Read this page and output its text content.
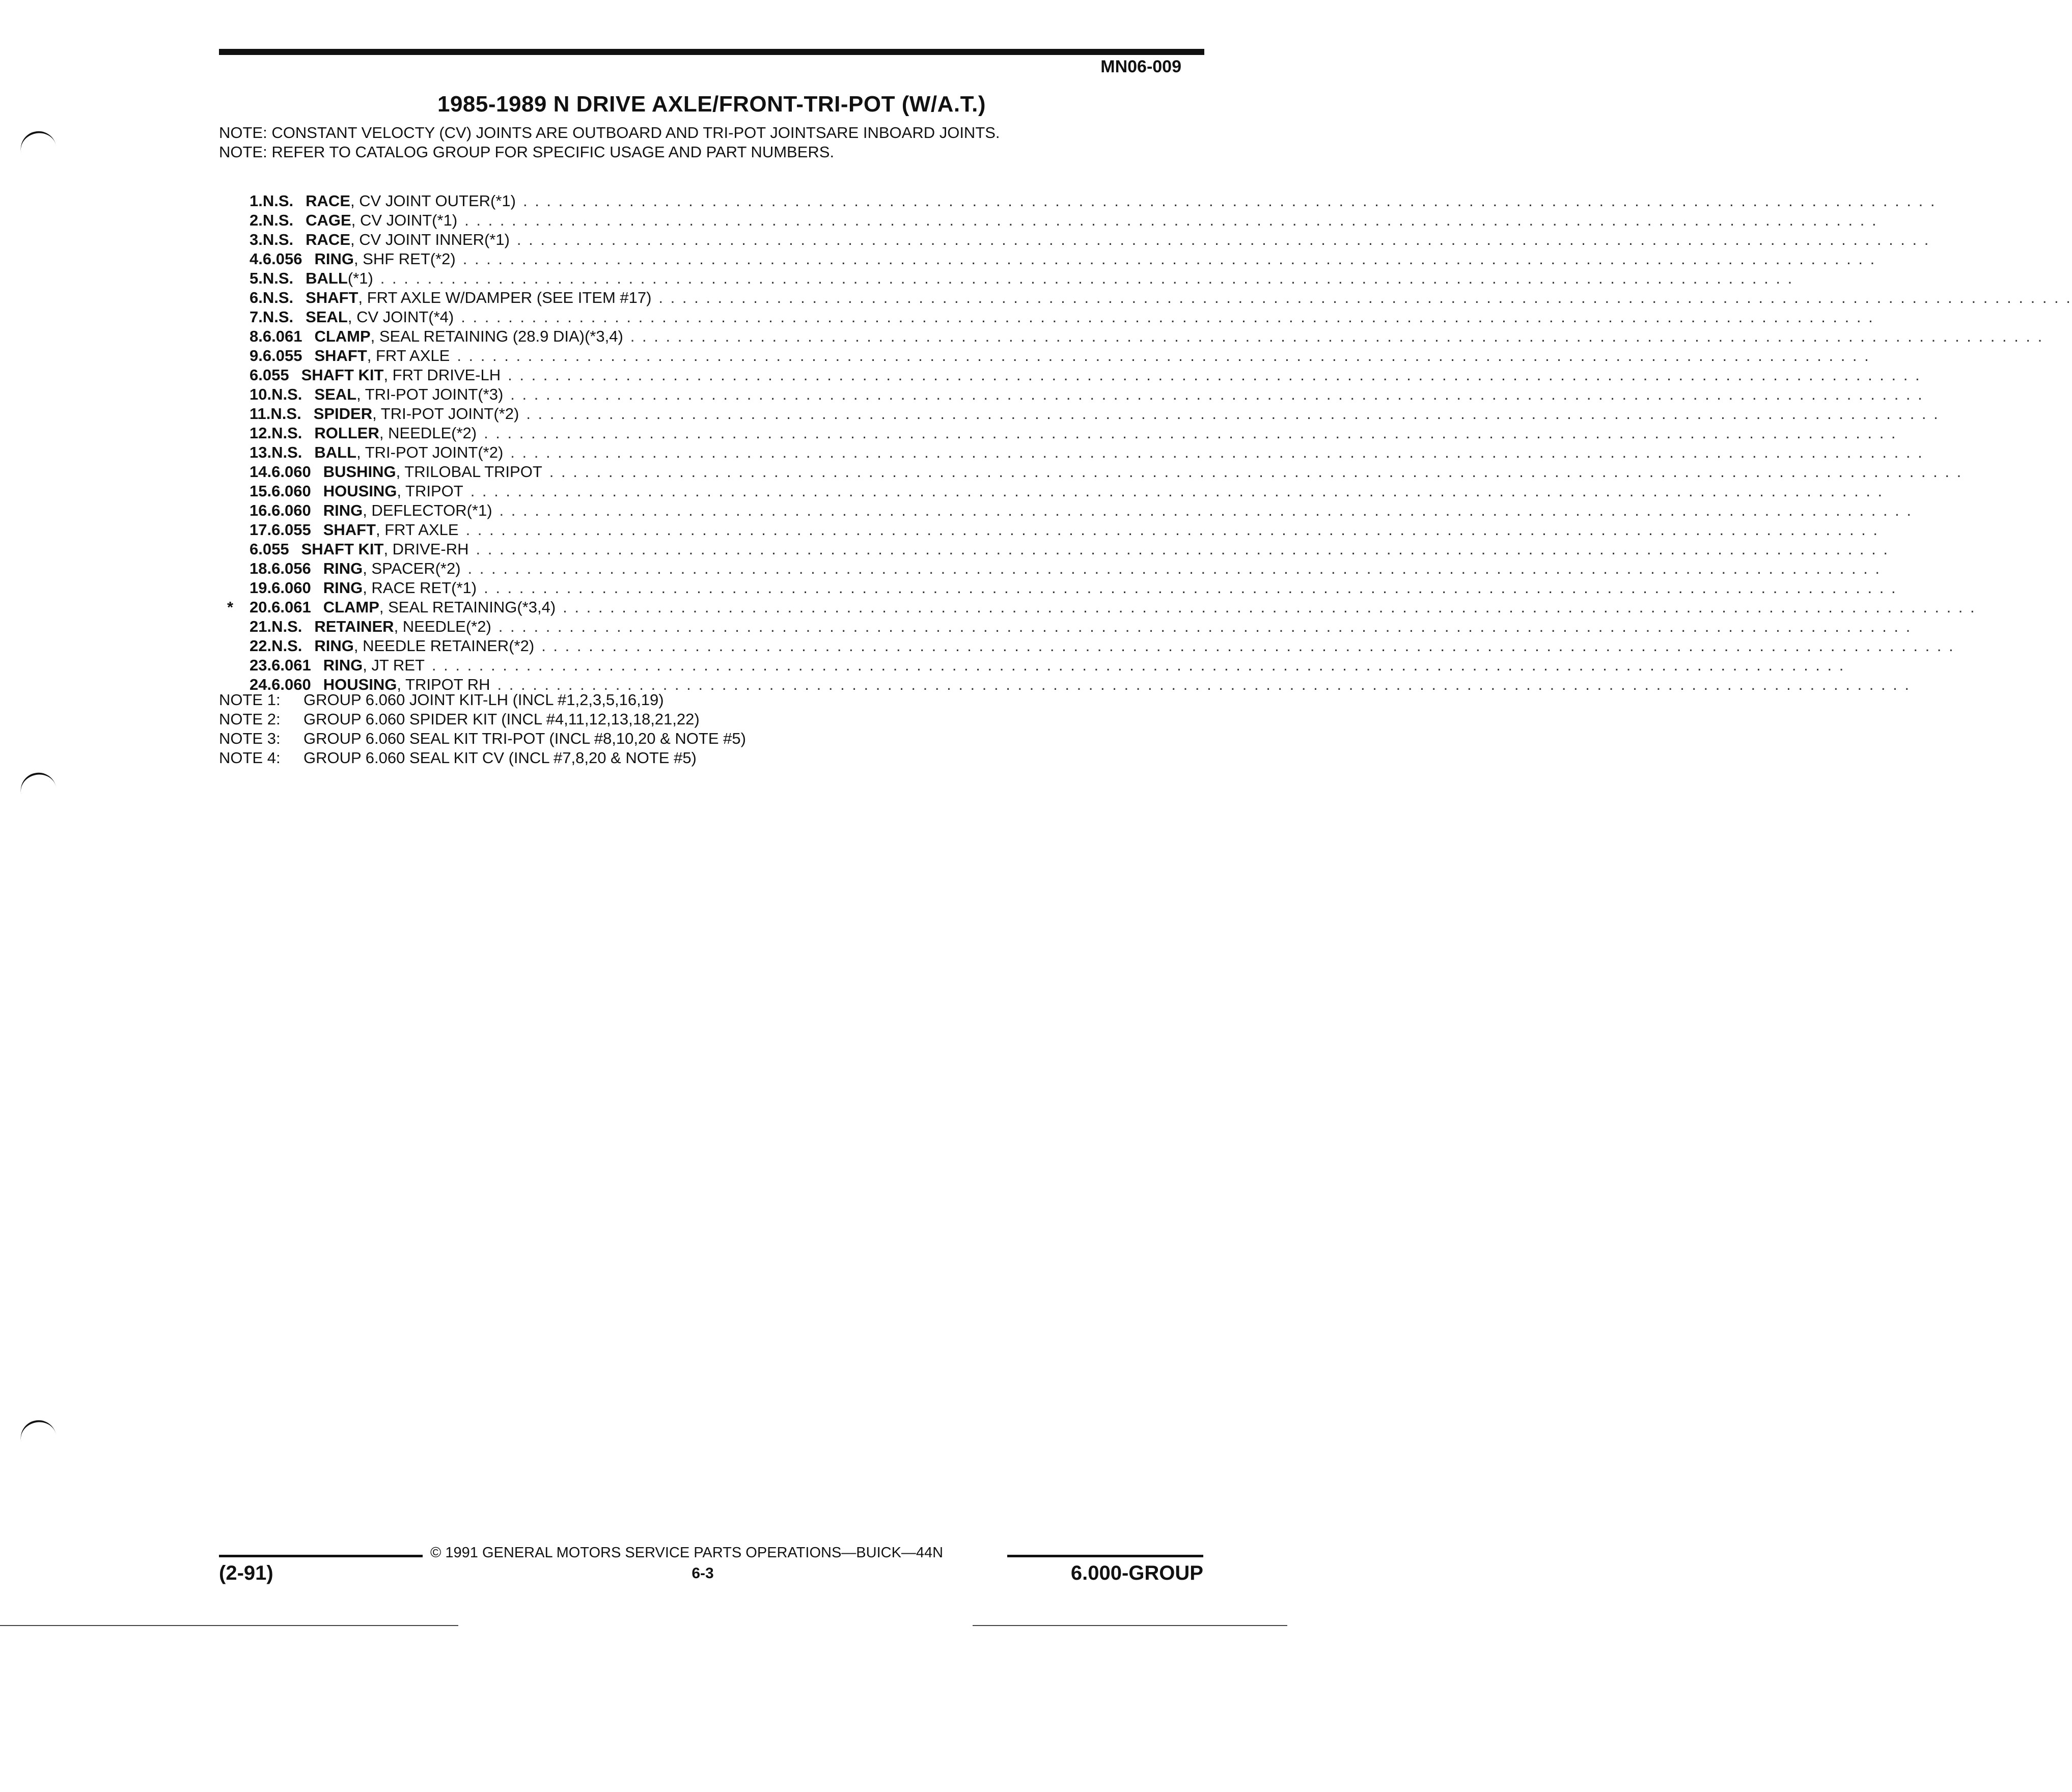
MN06-009
1985-1989 N DRIVE AXLE/FRONT-TRI-POT (W/A.T.)
NOTE: CONSTANT VELOCTY (CV) JOINTS ARE OUTBOARD AND TRI-POT JOINTSARE INBOARD JOINTS.
NOTE: REFER TO CATALOG GROUP FOR SPECIFIC USAGE AND PART NUMBERS.
1. N.S. RACE , CV JOINT OUTER(*1) . . . . . . . . . . . . . . . . . . . . . . . . . . . . . . . . . . . . . . . . . . . . . . . . . . . . . . . . . . . . . . . . . . . . . . . . . . . . . . . . . . . . . . . . . . . . . . . . . . . . . . . . . . . . . . . . . . . . . . . .
2. N.S. CAGE , CV JOINT(*1) . . . . . . . . . . . . . . . . . . . . . . . . . . . . . . . . . . . . . . . . . . . . . . . . . . . . . . . . . . . . . . . . . . . . . . . . . . . . . . . . . . . . . . . . . . . . . . . . . . . . . . . . . . . . . . . . . . . . . . . .
3. N.S. RACE , CV JOINT INNER(*1) . . . . . . . . . . . . . . . . . . . . . . . . . . . . . . . . . . . . . . . . . . . . . . . . . . . . . . . . . . . . . . . . . . . . . . . . . . . . . . . . . . . . . . . . . . . . . . . . . . . . . . . . . . . . . . . . . . . . . . . .
4. 6.056 RING , SHF RET(*2) . . . . . . . . . . . . . . . . . . . . . . . . . . . . . . . . . . . . . . . . . . . . . . . . . . . . . . . . . . . . . . . . . . . . . . . . . . . . . . . . . . . . . . . . . . . . . . . . . . . . . . . . . . . . . . . . . . . . . . . .
5. N.S. BALL (*1) . . . . . . . . . . . . . . . . . . . . . . . . . . . . . . . . . . . . . . . . . . . . . . . . . . . . . . . . . . . . . . . . . . . . . . . . . . . . . . . . . . . . . . . . . . . . . . . . . . . . . . . . . . . . . . . . . . . . . . . .
6. N.S. SHAFT , FRT AXLE W/DAMPER (SEE ITEM #17) . . . . . . . . . . . . . . . . . . . . . . . . . . . . . . . . . . . . . . . . . . . . . . . . . . . . . . . . . . . . . . . . . . . . . . . . . . . . . . . . . . . . . . . . . . . . . . . . . . . . . . . . . . . . . . . . . . . . . . . .
7. N.S. SEAL , CV JOINT(*4) . . . . . . . . . . . . . . . . . . . . . . . . . . . . . . . . . . . . . . . . . . . . . . . . . . . . . . . . . . . . . . . . . . . . . . . . . . . . . . . . . . . . . . . . . . . . . . . . . . . . . . . . . . . . . . . . . . . . . . . .
8. 6.061 CLAMP , SEAL RETAINING (28.9 DIA)(*3,4) . . . . . . . . . . . . . . . . . . . . . . . . . . . . . . . . . . . . . . . . . . . . . . . . . . . . . . . . . . . . . . . . . . . . . . . . . . . . . . . . . . . . . . . . . . . . . . . . . . . . . . . . . . . . . . . . . . . . . . . .
9. 6.055 SHAFT , FRT AXLE . . . . . . . . . . . . . . . . . . . . . . . . . . . . . . . . . . . . . . . . . . . . . . . . . . . . . . . . . . . . . . . . . . . . . . . . . . . . . . . . . . . . . . . . . . . . . . . . . . . . . . . . . . . . . . . . . . . . . . . .
6.055 SHAFT KIT , FRT DRIVE-LH . . . . . . . . . . . . . . . . . . . . . . . . . . . . . . . . . . . . . . . . . . . . . . . . . . . . . . . . . . . . . . . . . . . . . . . . . . . . . . . . . . . . . . . . . . . . . . . . . . . . . . . . . . . . . . . . . . . . . . . .
10. N.S. SEAL , TRI-POT JOINT(*3) . . . . . . . . . . . . . . . . . . . . . . . . . . . . . . . . . . . . . . . . . . . . . . . . . . . . . . . . . . . . . . . . . . . . . . . . . . . . . . . . . . . . . . . . . . . . . . . . . . . . . . . . . . . . . . . . . . . . . . . .
11. N.S. SPIDER , TRI-POT JOINT(*2) . . . . . . . . . . . . . . . . . . . . . . . . . . . . . . . . . . . . . . . . . . . . . . . . . . . . . . . . . . . . . . . . . . . . . . . . . . . . . . . . . . . . . . . . . . . . . . . . . . . . . . . . . . . . . . . . . . . . . . . .
12. N.S. ROLLER , NEEDLE(*2) . . . . . . . . . . . . . . . . . . . . . . . . . . . . . . . . . . . . . . . . . . . . . . . . . . . . . . . . . . . . . . . . . . . . . . . . . . . . . . . . . . . . . . . . . . . . . . . . . . . . . . . . . . . . . . . . . . . . . . . .
13. N.S. BALL , TRI-POT JOINT(*2) . . . . . . . . . . . . . . . . . . . . . . . . . . . . . . . . . . . . . . . . . . . . . . . . . . . . . . . . . . . . . . . . . . . . . . . . . . . . . . . . . . . . . . . . . . . . . . . . . . . . . . . . . . . . . . . . . . . . . . . .
14. 6.060 BUSHING , TRILOBAL TRIPOT . . . . . . . . . . . . . . . . . . . . . . . . . . . . . . . . . . . . . . . . . . . . . . . . . . . . . . . . . . . . . . . . . . . . . . . . . . . . . . . . . . . . . . . . . . . . . . . . . . . . . . . . . . . . . . . . . . . . . . . .
15. 6.060 HOUSING , TRIPOT . . . . . . . . . . . . . . . . . . . . . . . . . . . . . . . . . . . . . . . . . . . . . . . . . . . . . . . . . . . . . . . . . . . . . . . . . . . . . . . . . . . . . . . . . . . . . . . . . . . . . . . . . . . . . . . . . . . . . . . .
16. 6.060 RING , DEFLECTOR(*1) . . . . . . . . . . . . . . . . . . . . . . . . . . . . . . . . . . . . . . . . . . . . . . . . . . . . . . . . . . . . . . . . . . . . . . . . . . . . . . . . . . . . . . . . . . . . . . . . . . . . . . . . . . . . . . . . . . . . . . . .
17. 6.055 SHAFT , FRT AXLE . . . . . . . . . . . . . . . . . . . . . . . . . . . . . . . . . . . . . . . . . . . . . . . . . . . . . . . . . . . . . . . . . . . . . . . . . . . . . . . . . . . . . . . . . . . . . . . . . . . . . . . . . . . . . . . . . . . . . . . .
6.055 SHAFT KIT , DRIVE-RH . . . . . . . . . . . . . . . . . . . . . . . . . . . . . . . . . . . . . . . . . . . . . . . . . . . . . . . . . . . . . . . . . . . . . . . . . . . . . . . . . . . . . . . . . . . . . . . . . . . . . . . . . . . . . . . . . . . . . . . .
18. 6.056 RING , SPACER(*2) . . . . . . . . . . . . . . . . . . . . . . . . . . . . . . . . . . . . . . . . . . . . . . . . . . . . . . . . . . . . . . . . . . . . . . . . . . . . . . . . . . . . . . . . . . . . . . . . . . . . . . . . . . . . . . . . . . . . . . . .
19. 6.060 RING , RACE RET(*1) . . . . . . . . . . . . . . . . . . . . . . . . . . . . . . . . . . . . . . . . . . . . . . . . . . . . . . . . . . . . . . . . . . . . . . . . . . . . . . . . . . . . . . . . . . . . . . . . . . . . . . . . . . . . . . . . . . . . . . . .
* 20. 6.061 CLAMP , SEAL RETAINING(*3,4) . . . . . . . . . . . . . . . . . . . . . . . . . . . . . . . . . . . . . . . . . . . . . . . . . . . . . . . . . . . . . . . . . . . . . . . . . . . . . . . . . . . . . . . . . . . . . . . . . . . . . . . . . . . . . . . . . . . . . . . .
21. N.S. RETAINER , NEEDLE(*2) . . . . . . . . . . . . . . . . . . . . . . . . . . . . . . . . . . . . . . . . . . . . . . . . . . . . . . . . . . . . . . . . . . . . . . . . . . . . . . . . . . . . . . . . . . . . . . . . . . . . . . . . . . . . . . . . . . . . . . . .
22. N.S. RING , NEEDLE RETAINER(*2) . . . . . . . . . . . . . . . . . . . . . . . . . . . . . . . . . . . . . . . . . . . . . . . . . . . . . . . . . . . . . . . . . . . . . . . . . . . . . . . . . . . . . . . . . . . . . . . . . . . . . . . . . . . . . . . . . . . . . . . .
23. 6.061 RING , JT RET . . . . . . . . . . . . . . . . . . . . . . . . . . . . . . . . . . . . . . . . . . . . . . . . . . . . . . . . . . . . . . . . . . . . . . . . . . . . . . . . . . . . . . . . . . . . . . . . . . . . . . . . . . . . . . . . . . . . . . . .
24. 6.060 HOUSING , TRIPOT RH . . . . . . . . . . . . . . . . . . . . . . . . . . . . . . . . . . . . . . . . . . . . . . . . . . . . . . . . . . . . . . . . . . . . . . . . . . . . . . . . . . . . . . . . . . . . . . . . . . . . . . . . . . . . . . . . . . . . . . . .
NOTE 1: GROUP 6.060 JOINT KIT-LH (INCL #1,2,3,5,16,19)
NOTE 2: GROUP 6.060 SPIDER KIT (INCL #4,11,12,13,18,21,22)
NOTE 3: GROUP 6.060 SEAL KIT TRI-POT (INCL #8,10,20 & NOTE #5)
NOTE 4: GROUP 6.060 SEAL KIT CV (INCL #7,8,20 & NOTE #5)
© 1991 GENERAL MOTORS SERVICE PARTS OPERATIONS—BUICK—44N
(2-91)	6-3	6.000-GROUP
